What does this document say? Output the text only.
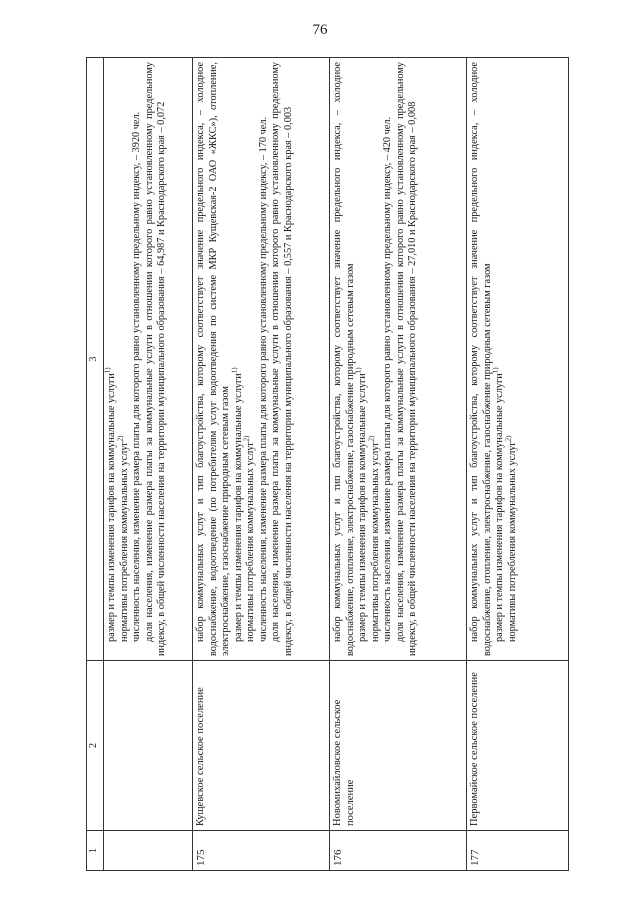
76
1	2	3

		размер и темпы изменения тарифов на коммунальные услуги$^{1)}$

нормативы потребления коммунальных услуг$^{2)}$ численность населения, изменение размера платы для которого равно установленному предельному индексу, – 3920 чел. доля населения, изменение размера платы за коммунальные услуги в отношении которого равно установленному предельному индексу, в общей численности населения на территории муниципального образования – 64,987 и Краснодарского края – 0,072

175	Кущевское сельское поселение	набор коммунальных услуг и тип благоустройства, которому соответствует значение предельного индекса, – холодное водоснабжение, водоотведение (по потребителям услуг водоотведения по системе МКР Кущевская-2 ОАО «ЖКС»), отопление, электроснабжение, газоснабжение природным сетевым газом размер и темпы изменения тарифов на коммунальные услуги$^{1)}$

нормативы потребления коммунальных услуг$^{2)}$ численность населения, изменение размера платы для которого равно установленному предельному индексу, – 170 чел. доля населения, изменение размера платы за коммунальные услуги в отношении которого равно установленному предельному индексу, в общей численности населения на территории муниципального образования – 0,557 и Краснодарского края – 0,003

176	Новомихайловское сельское поселение	набор коммунальных услуг и тип благоустройства, которому соответствует значение предельного индекса, – холодное водоснабжение, отопление, электроснабжение, газоснабжение природным сетевым газом размер и темпы изменения тарифов на коммунальные услуги$^{1)}$

нормативы потребления коммунальных услуг$^{2)}$ численность населения, изменение размера платы для которого равно установленному предельному индексу, – 420 чел. доля населения, изменение размера платы за коммунальные услуги в отношении которого равно установленному предельному индексу, в общей численности населения на территории муниципального образования – 27,010 и Краснодарского края – 0,008

177	Первомайское сельское поселение	набор коммунальных услуг и тип благоустройства, которому соответствует значение предельного индекса, – холодное водоснабжение, отопление, электроснабжение, газоснабжение природным сетевым газом размер и темпы изменения тарифов на коммунальные услуги$^{1)}$

нормативы потребления коммунальных услуг$^{2)}$
